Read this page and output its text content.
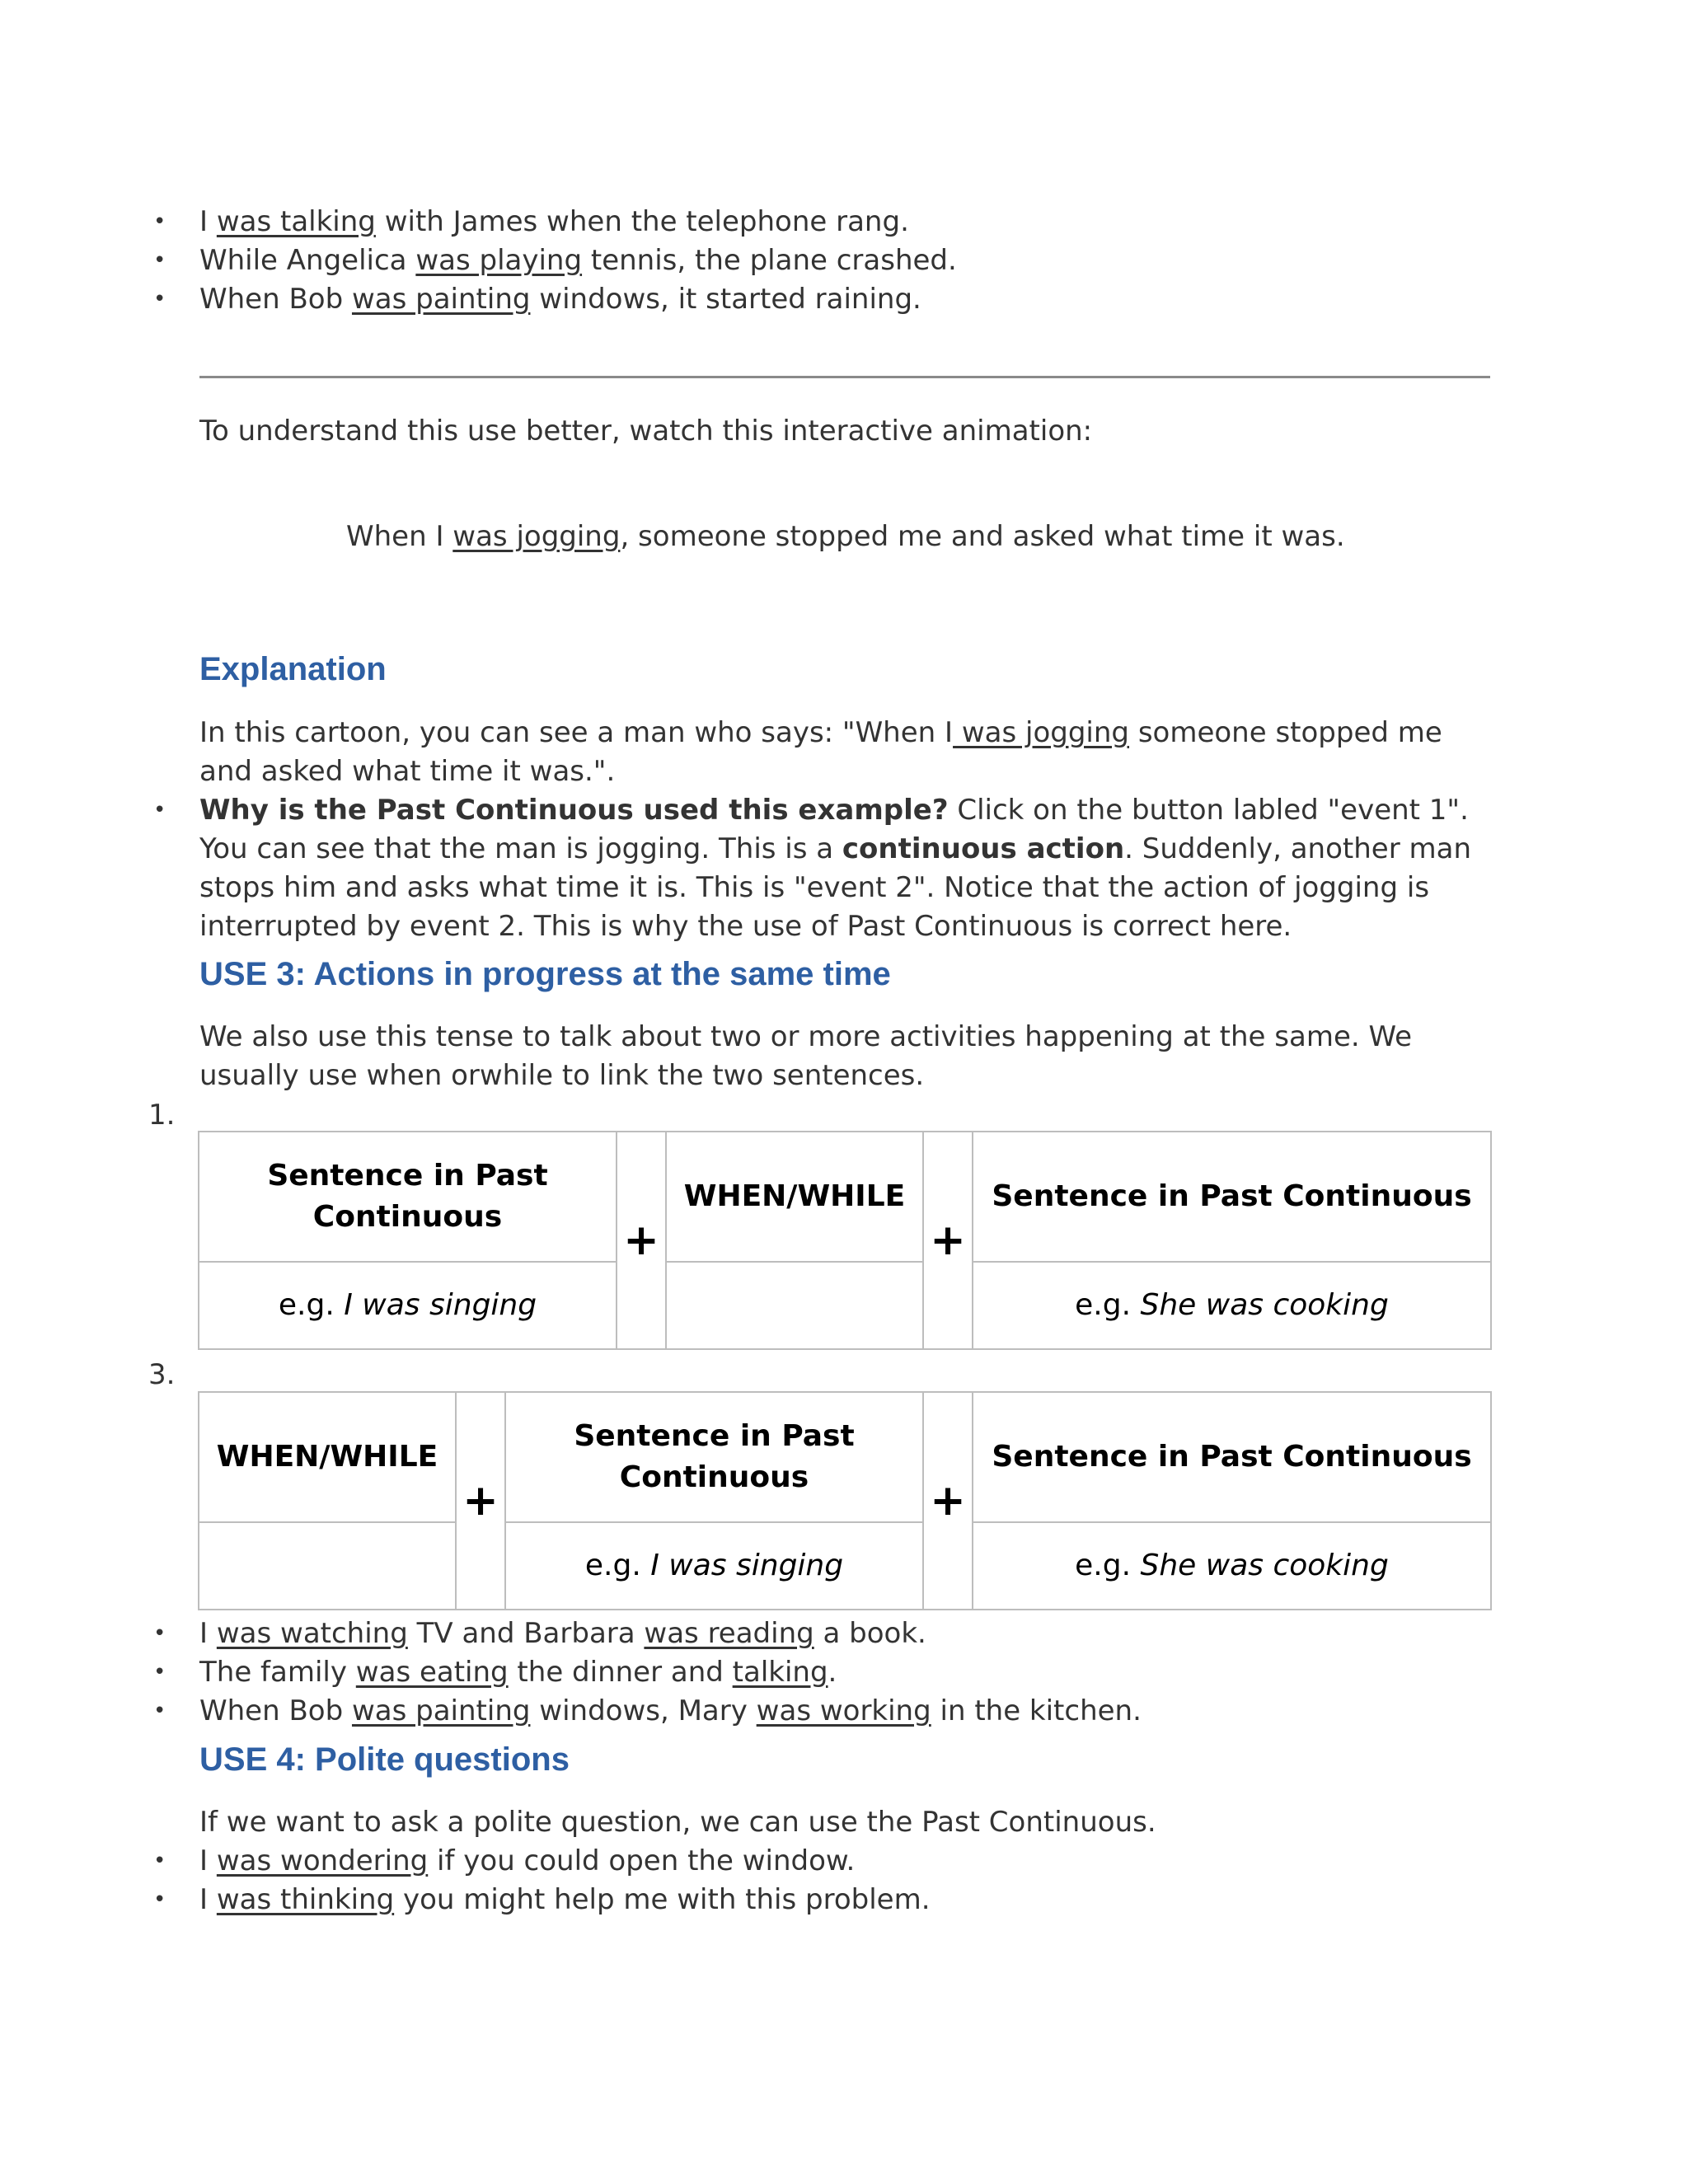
• I was talking with James when the telephone rang.
• While Angelica was playing tennis, the plane crashed.
• When Bob was painting windows, it started raining.
To understand this use better, watch this interactive animation:
When I was jogging, someone stopped me and asked what time it was.
Explanation
In this cartoon, you can see a man who says: "When I was jogging someone stopped me
and asked what time it was.".
• Why is the Past Continuous used this example? Click on the button labled "event 1".
You can see that the man is jogging. This is a continuous action. Suddenly, another man
stops him and asks what time it is. This is "event 2". Notice that the action of jogging is
interrupted by event 2. This is why the use of Past Continuous is correct here.
USE 3: Actions in progress at the same time
We also use this tense to talk about two or more activities happening at the same. We
usually use when orwhile to link the two sentences.
1.
Sentence in Past Continuous	+	WHEN/WHILE	+	Sentence in Past Continuous
e.g. I was singing				e.g. She was cooking
3.
WHEN/WHILE	+	Sentence in Past Continuous	+	Sentence in Past Continuous
		e.g. I was singing		e.g. She was cooking
• I was watching TV and Barbara was reading a book.
• The family was eating the dinner and talking.
• When Bob was painting windows, Mary was working in the kitchen.
USE 4: Polite questions
If we want to ask a polite question, we can use the Past Continuous.
• I was wondering if you could open the window.
• I was thinking you might help me with this problem.
